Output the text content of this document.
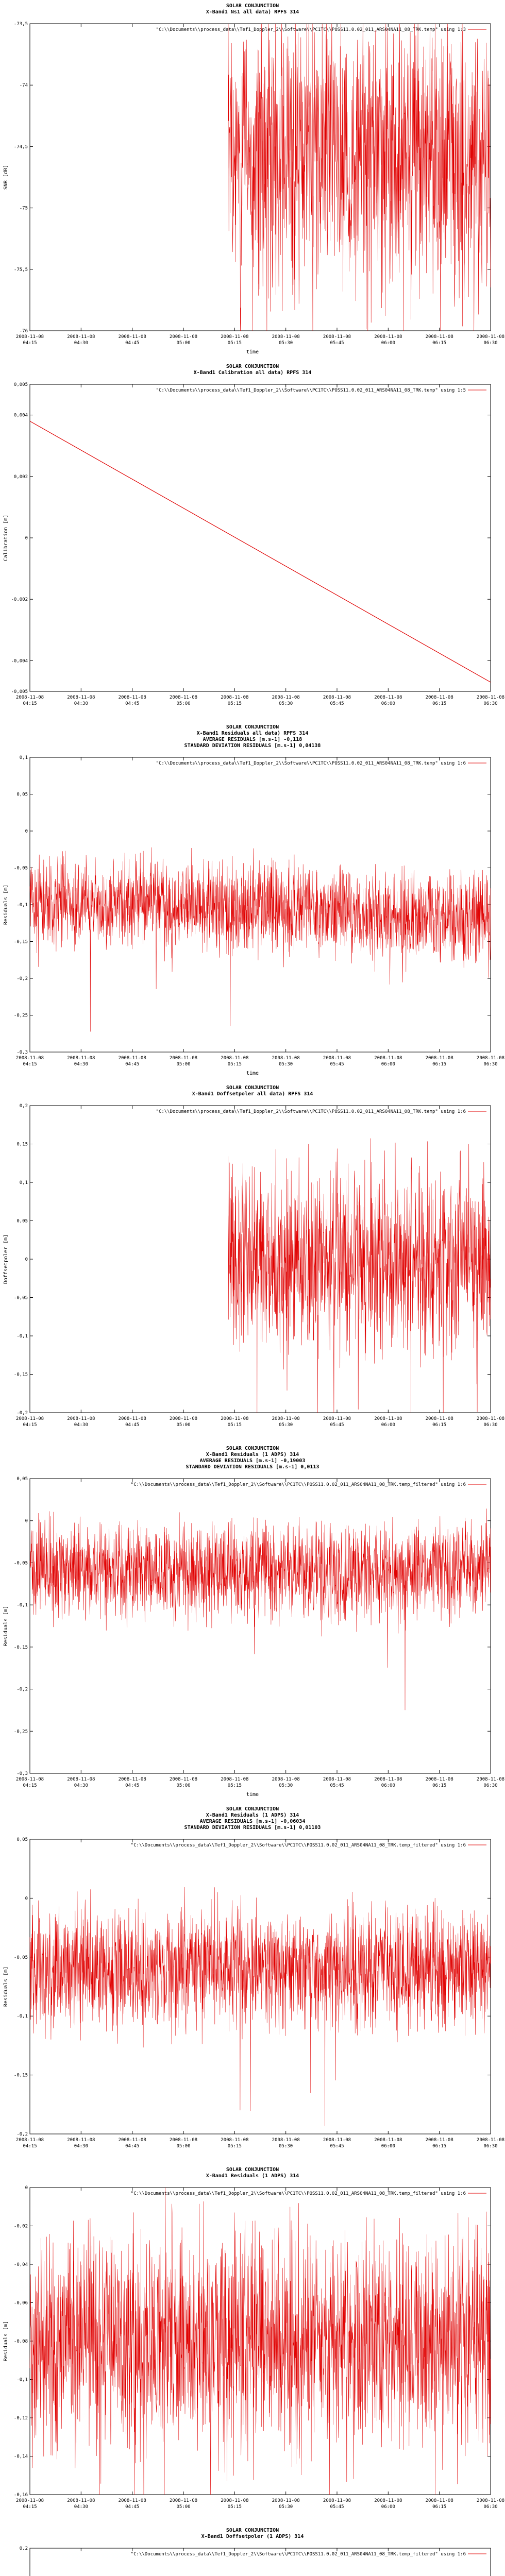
SOLAR CONJUNCTION
X-Band1 Ns1 all data) RPFS 314
-76
-75,5
-75
-74,5
-74
-73,5
2008-11-08
04:15
2008-11-08
04:30
2008-11-08
04:45
2008-11-08
05:00
2008-11-08
05:15
2008-11-08
05:30
2008-11-08
05:45
2008-11-08
06:00
2008-11-08
06:15
2008-11-08
06:30
time
SNR [dB]
"C:\\Documents\\process_data\\Tef1_Doppler_2\\Software\\PC1TC\\POSS11.0.02_011_ARS04NA11_08_TRK.temp" using 1:3
SOLAR CONJUNCTION
X-Band1 Calibration all data) RPFS 314
-0,005
-0,004
-0,002
0
0,002
0,004
0,005
2008-11-08
04:15
2008-11-08
04:30
2008-11-08
04:45
2008-11-08
05:00
2008-11-08
05:15
2008-11-08
05:30
2008-11-08
05:45
2008-11-08
06:00
2008-11-08
06:15
2008-11-08
06:30
Calibration [m]
"C:\\Documents\\process_data\\Tef1_Doppler_2\\Software\\PC1TC\\POSS11.0.02_011_ARS04NA11_08_TRK.temp" using 1:5
SOLAR CONJUNCTION
X-Band1 Residuals all data) RPFS 314
AVERAGE RESIDUALS [m.s-1] -0,118
STANDARD DEVIATION RESIDUALS [m.s-1] 0,04138
-0,3
-0,25
-0,2
-0,15
-0,1
-0,05
0
0,05
0,1
2008-11-08
04:15
2008-11-08
04:30
2008-11-08
04:45
2008-11-08
05:00
2008-11-08
05:15
2008-11-08
05:30
2008-11-08
05:45
2008-11-08
06:00
2008-11-08
06:15
2008-11-08
06:30
time
Residuals [m]
"C:\\Documents\\process_data\\Tef1_Doppler_2\\Software\\PC1TC\\POSS11.0.02_011_ARS04NA11_08_TRK.temp" using 1:6
SOLAR CONJUNCTION
X-Band1 Doffsetpoler all data) RPFS 314
-0,2
-0,15
-0,1
-0,05
0
0,05
0,1
0,15
0,2
2008-11-08
04:15
2008-11-08
04:30
2008-11-08
04:45
2008-11-08
05:00
2008-11-08
05:15
2008-11-08
05:30
2008-11-08
05:45
2008-11-08
06:00
2008-11-08
06:15
2008-11-08
06:30
Doffsetpoler [m]
"C:\\Documents\\process_data\\Tef1_Doppler_2\\Software\\PC1TC\\POSS11.0.02_011_ARS04NA11_08_TRK.temp" using 1:6
SOLAR CONJUNCTION
X-Band1 Residuals (1 ADPS) 314
AVERAGE RESIDUALS [m.s-1] -0,19003
STANDARD DEVIATION RESIDUALS [m.s-1] 0,0113
-0,3
-0,25
-0,2
-0,15
-0,1
-0,05
0
0,05
2008-11-08
04:15
2008-11-08
04:30
2008-11-08
04:45
2008-11-08
05:00
2008-11-08
05:15
2008-11-08
05:30
2008-11-08
05:45
2008-11-08
06:00
2008-11-08
06:15
2008-11-08
06:30
time
Residuals [m]
"C:\\Documents\\process_data\\Tef1_Doppler_2\\Software\\PC1TC\\POSS11.0.02_011_ARS04NA11_08_TRK.temp_filtered" using 1:6
SOLAR CONJUNCTION
X-Band1 Residuals (1 ADPS) 314
AVERAGE RESIDUALS [m.s-1] -0,06034
STANDARD DEVIATION RESIDUALS [m.s-1] 0,01103
-0,2
-0,15
-0,1
-0,05
0
0,05
2008-11-08
04:15
2008-11-08
04:30
2008-11-08
04:45
2008-11-08
05:00
2008-11-08
05:15
2008-11-08
05:30
2008-11-08
05:45
2008-11-08
06:00
2008-11-08
06:15
2008-11-08
06:30
Residuals [m]
"C:\\Documents\\process_data\\Tef1_Doppler_2\\Software\\PC1TC\\POSS11.0.02_011_ARS04NA11_08_TRK.temp_filtered" using 1:6
SOLAR CONJUNCTION
X-Band1 Residuals (1 ADPS) 314
-0,16
-0,14
-0,12
-0,1
-0,08
-0,06
-0,04
-0,02
0
2008-11-08
04:15
2008-11-08
04:30
2008-11-08
04:45
2008-11-08
05:00
2008-11-08
05:15
2008-11-08
05:30
2008-11-08
05:45
2008-11-08
06:00
2008-11-08
06:15
2008-11-08
06:30
Residuals [m]
"C:\\Documents\\process_data\\Tef1_Doppler_2\\Software\\PC1TC\\POSS11.0.02_011_ARS04NA11_08_TRK.temp_filtered" using 1:6
SOLAR CONJUNCTION
X-Band1 Doffsetpoler (1 ADPS) 314
0,2
"C:\\Documents\\process_data\\Tef1_Doppler_2\\Software\\PC1TC\\POSS11.0.02_011_ARS04NA11_08_TRK.temp_filtered" using 1:6
